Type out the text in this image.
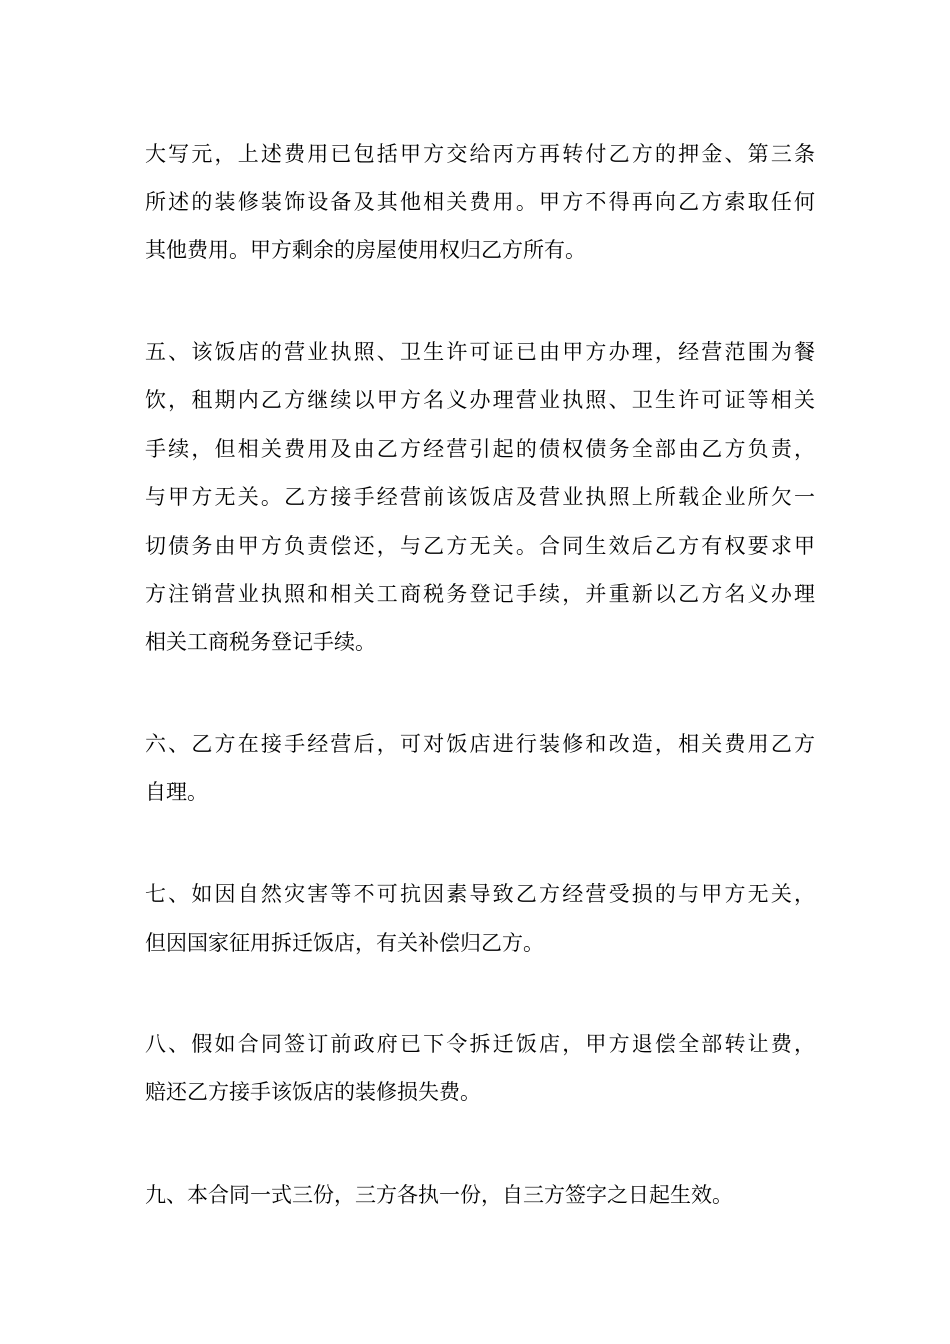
大写元，上述费用已包括甲方交给丙方再转付乙方的押金、第三条
所述的装修装饰设备及其他相关费用。甲方不得再向乙方索取任何
其他费用。甲方剩余的房屋使用权归乙方所有。
五、该饭店的营业执照、卫生许可证已由甲方办理，经营范围为餐
饮，租期内乙方继续以甲方名义办理营业执照、卫生许可证等相关
手续，但相关费用及由乙方经营引起的债权债务全部由乙方负责，
与甲方无关。乙方接手经营前该饭店及营业执照上所载企业所欠一
切债务由甲方负责偿还，与乙方无关。合同生效后乙方有权要求甲
方注销营业执照和相关工商税务登记手续，并重新以乙方名义办理
相关工商税务登记手续。
六、乙方在接手经营后，可对饭店进行装修和改造，相关费用乙方
自理。
七、如因自然灾害等不可抗因素导致乙方经营受损的与甲方无关，
但因国家征用拆迁饭店，有关补偿归乙方。
八、假如合同签订前政府已下令拆迁饭店，甲方退偿全部转让费，
赔还乙方接手该饭店的装修损失费。
九、本合同一式三份，三方各执一份，自三方签字之日起生效。
